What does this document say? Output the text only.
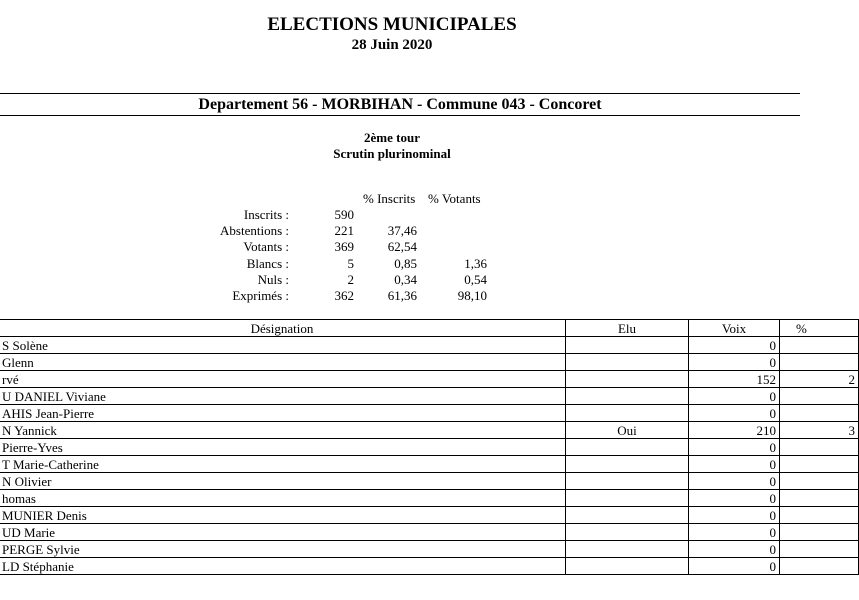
ELECTIONS MUNICIPALES
28 Juin 2020
Departement 56 - MORBIHAN - Commune 043 - Concoret
2ème tour
Scrutin plurinominal
% Inscrits % Votants
Inscrits :	590
Abstentions :	221	37,46
Votants :	369	62,54
Blancs :	5	0,85	1,36
Nuls :	2	0,34	0,54
Exprimés :	362	61,36	98,10
Désignation	Elu	Voix	%
S Solène		0	
Glenn		0	
rvé		152	2
U DANIEL Viviane		0	
AHIS Jean-Pierre		0	
N Yannick	Oui	210	3
Pierre-Yves		0	
T Marie-Catherine		0	
N Olivier		0	
homas		0	
MUNIER Denis		0	
UD Marie		0	
PERGE Sylvie		0	
LD Stéphanie		0	
